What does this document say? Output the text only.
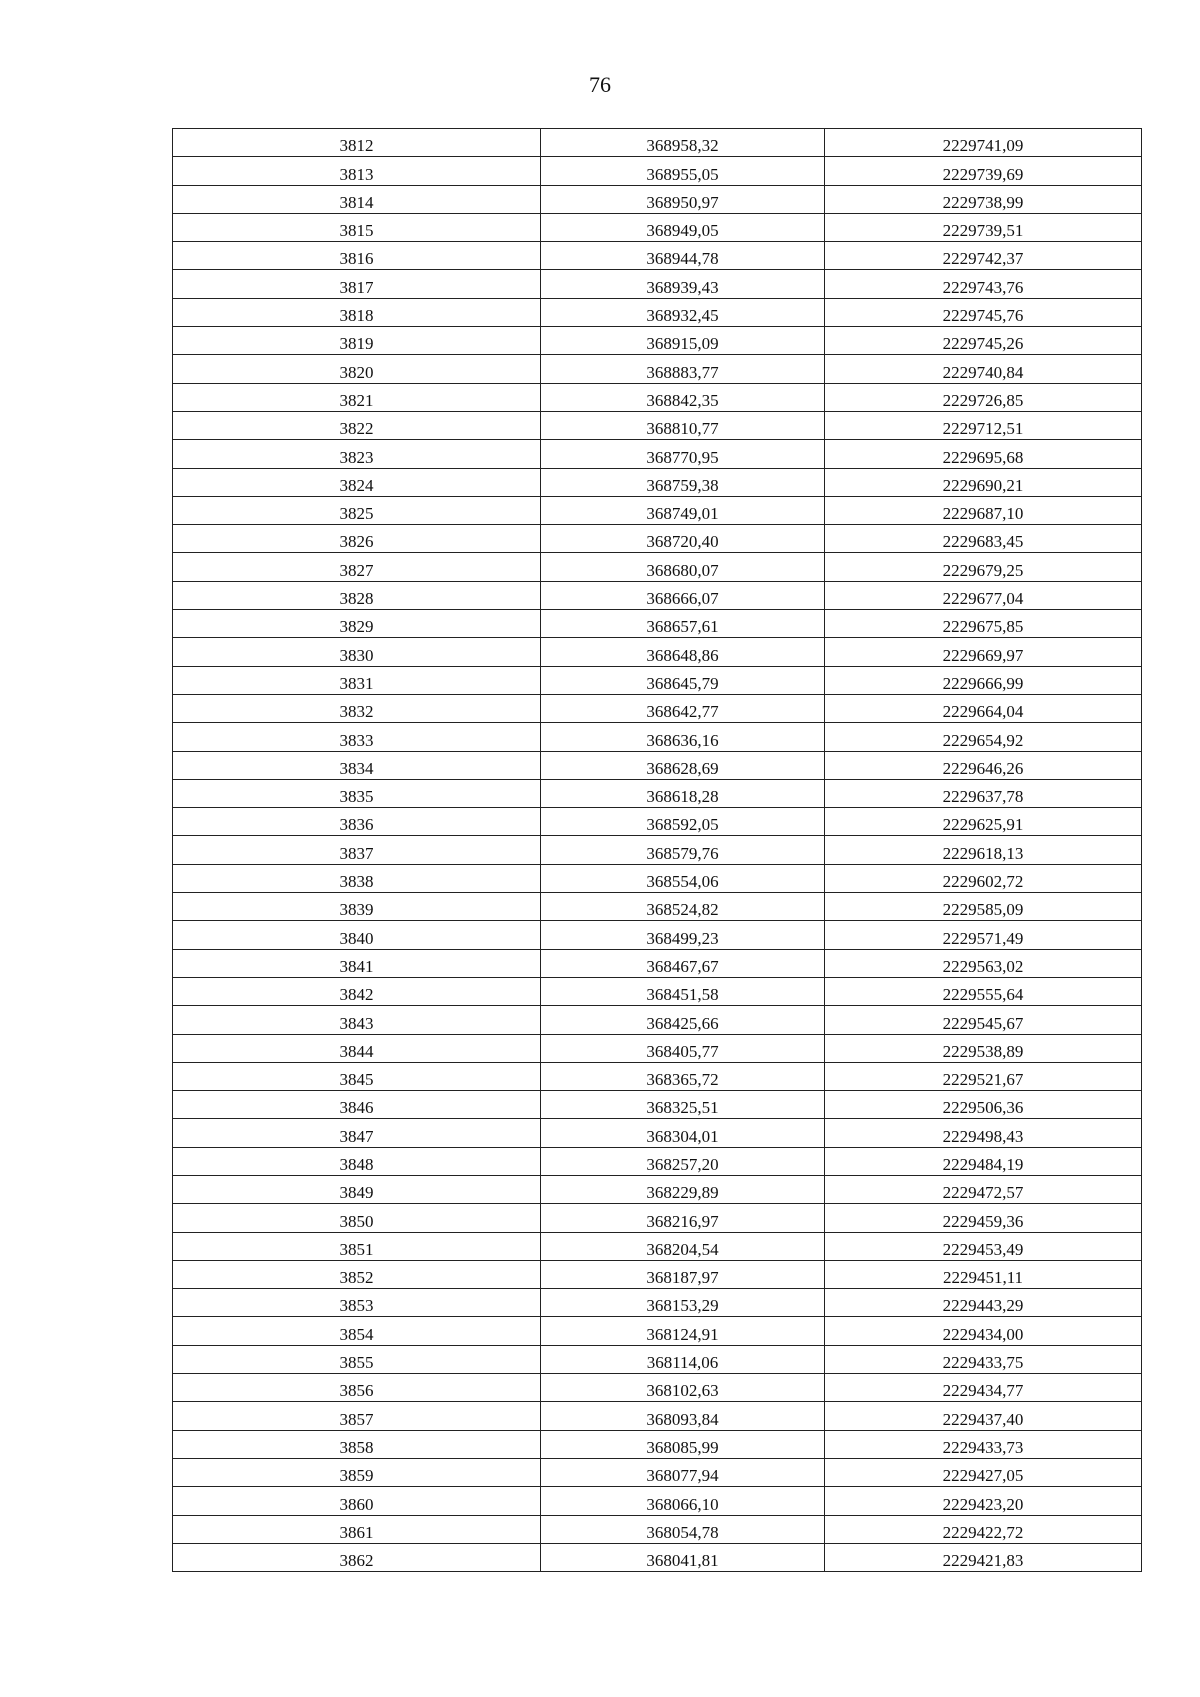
76
3812	368958,32	2229741,09
3813	368955,05	2229739,69
3814	368950,97	2229738,99
3815	368949,05	2229739,51
3816	368944,78	2229742,37
3817	368939,43	2229743,76
3818	368932,45	2229745,76
3819	368915,09	2229745,26
3820	368883,77	2229740,84
3821	368842,35	2229726,85
3822	368810,77	2229712,51
3823	368770,95	2229695,68
3824	368759,38	2229690,21
3825	368749,01	2229687,10
3826	368720,40	2229683,45
3827	368680,07	2229679,25
3828	368666,07	2229677,04
3829	368657,61	2229675,85
3830	368648,86	2229669,97
3831	368645,79	2229666,99
3832	368642,77	2229664,04
3833	368636,16	2229654,92
3834	368628,69	2229646,26
3835	368618,28	2229637,78
3836	368592,05	2229625,91
3837	368579,76	2229618,13
3838	368554,06	2229602,72
3839	368524,82	2229585,09
3840	368499,23	2229571,49
3841	368467,67	2229563,02
3842	368451,58	2229555,64
3843	368425,66	2229545,67
3844	368405,77	2229538,89
3845	368365,72	2229521,67
3846	368325,51	2229506,36
3847	368304,01	2229498,43
3848	368257,20	2229484,19
3849	368229,89	2229472,57
3850	368216,97	2229459,36
3851	368204,54	2229453,49
3852	368187,97	2229451,11
3853	368153,29	2229443,29
3854	368124,91	2229434,00
3855	368114,06	2229433,75
3856	368102,63	2229434,77
3857	368093,84	2229437,40
3858	368085,99	2229433,73
3859	368077,94	2229427,05
3860	368066,10	2229423,20
3861	368054,78	2229422,72
3862	368041,81	2229421,83
